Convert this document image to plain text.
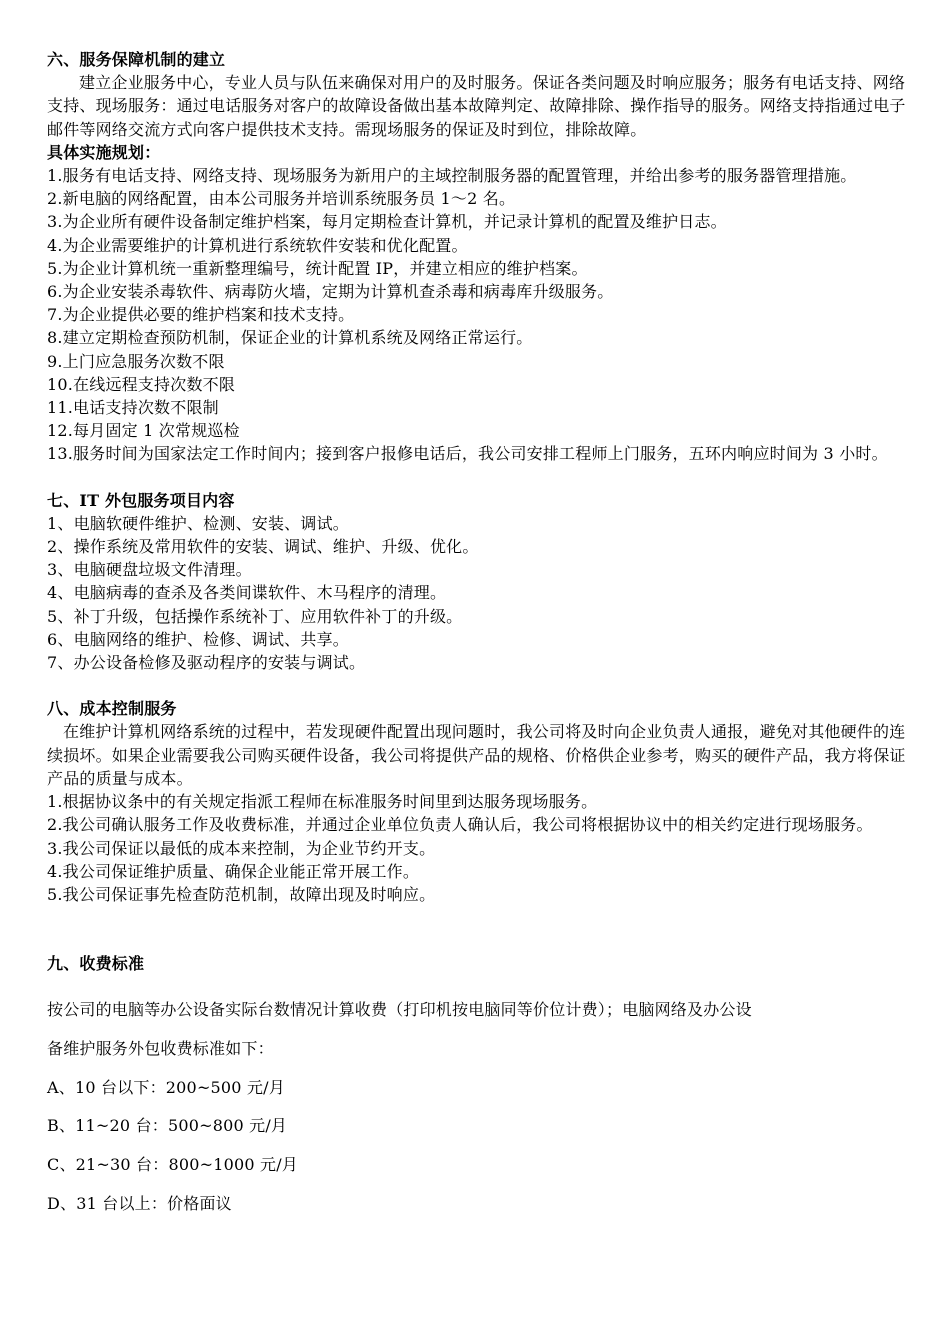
六、服务保障机制的建立

建立企业服务中心，专业人员与队伍来确保对用户的及时服务。保证各类问题及时响应服务；服务有电话支持、网络支持、现场服务：通过电话服务对客户的故障设备做出基本故障判定、故障排除、操作指导的服务。网络支持指通过电子邮件等网络交流方式向客户提供技术支持。需现场服务的保证及时到位，排除故障。

具体实施规划：

1.服务有电话支持、网络支持、现场服务为新用户的主域控制服务器的配置管理，并给出参考的服务器管理措施。

2.新电脑的网络配置，由本公司服务并培训系统服务员 1～2 名。

3.为企业所有硬件设备制定维护档案，每月定期检查计算机，并记录计算机的配置及维护日志。

4.为企业需要维护的计算机进行系统软件安装和优化配置。

5.为企业计算机统一重新整理编号，统计配置 IP，并建立相应的维护档案。

6.为企业安装杀毒软件、病毒防火墙，定期为计算机查杀毒和病毒库升级服务。

7.为企业提供必要的维护档案和技术支持。

8.建立定期检查预防机制，保证企业的计算机系统及网络正常运行。

9.上门应急服务次数不限

10.在线远程支持次数不限

11.电话支持次数不限制

12.每月固定 1 次常规巡检

13.服务时间为国家法定工作时间内；接到客户报修电话后，我公司安排工程师上门服务，五环内响应时间为 3 小时。

七、IT 外包服务项目内容

1、电脑软硬件维护、检测、安装、调试。

2、操作系统及常用软件的安装、调试、维护、升级、优化。

3、电脑硬盘垃圾文件清理。

4、电脑病毒的查杀及各类间谍软件、木马程序的清理。

5、补丁升级，包括操作系统补丁、应用软件补丁的升级。

6、电脑网络的维护、检修、调试、共享。

7、办公设备检修及驱动程序的安装与调试。

八、成本控制服务

在维护计算机网络系统的过程中，若发现硬件配置出现问题时，我公司将及时向企业负责人通报，避免对其他硬件的连续损坏。如果企业需要我公司购买硬件设备，我公司将提供产品的规格、价格供企业参考，购买的硬件产品，我方将保证产品的质量与成本。

1.根据协议条中的有关规定指派工程师在标准服务时间里到达服务现场服务。

2.我公司确认服务工作及收费标准，并通过企业单位负责人确认后，我公司将根据协议中的相关约定进行现场服务。

3.我公司保证以最低的成本来控制，为企业节约开支。

4.我公司保证维护质量、确保企业能正常开展工作。

5.我公司保证事先检查防范机制，故障出现及时响应。

九、收费标准

按公司的电脑等办公设备实际台数情况计算收费（打印机按电脑同等价位计费）；电脑网络及办公设

备维护服务外包收费标准如下：

A、10 台以下：200~500 元/月

B、11~20 台：500~800 元/月

C、21~30 台：800~1000 元/月

D、31 台以上：价格面议
